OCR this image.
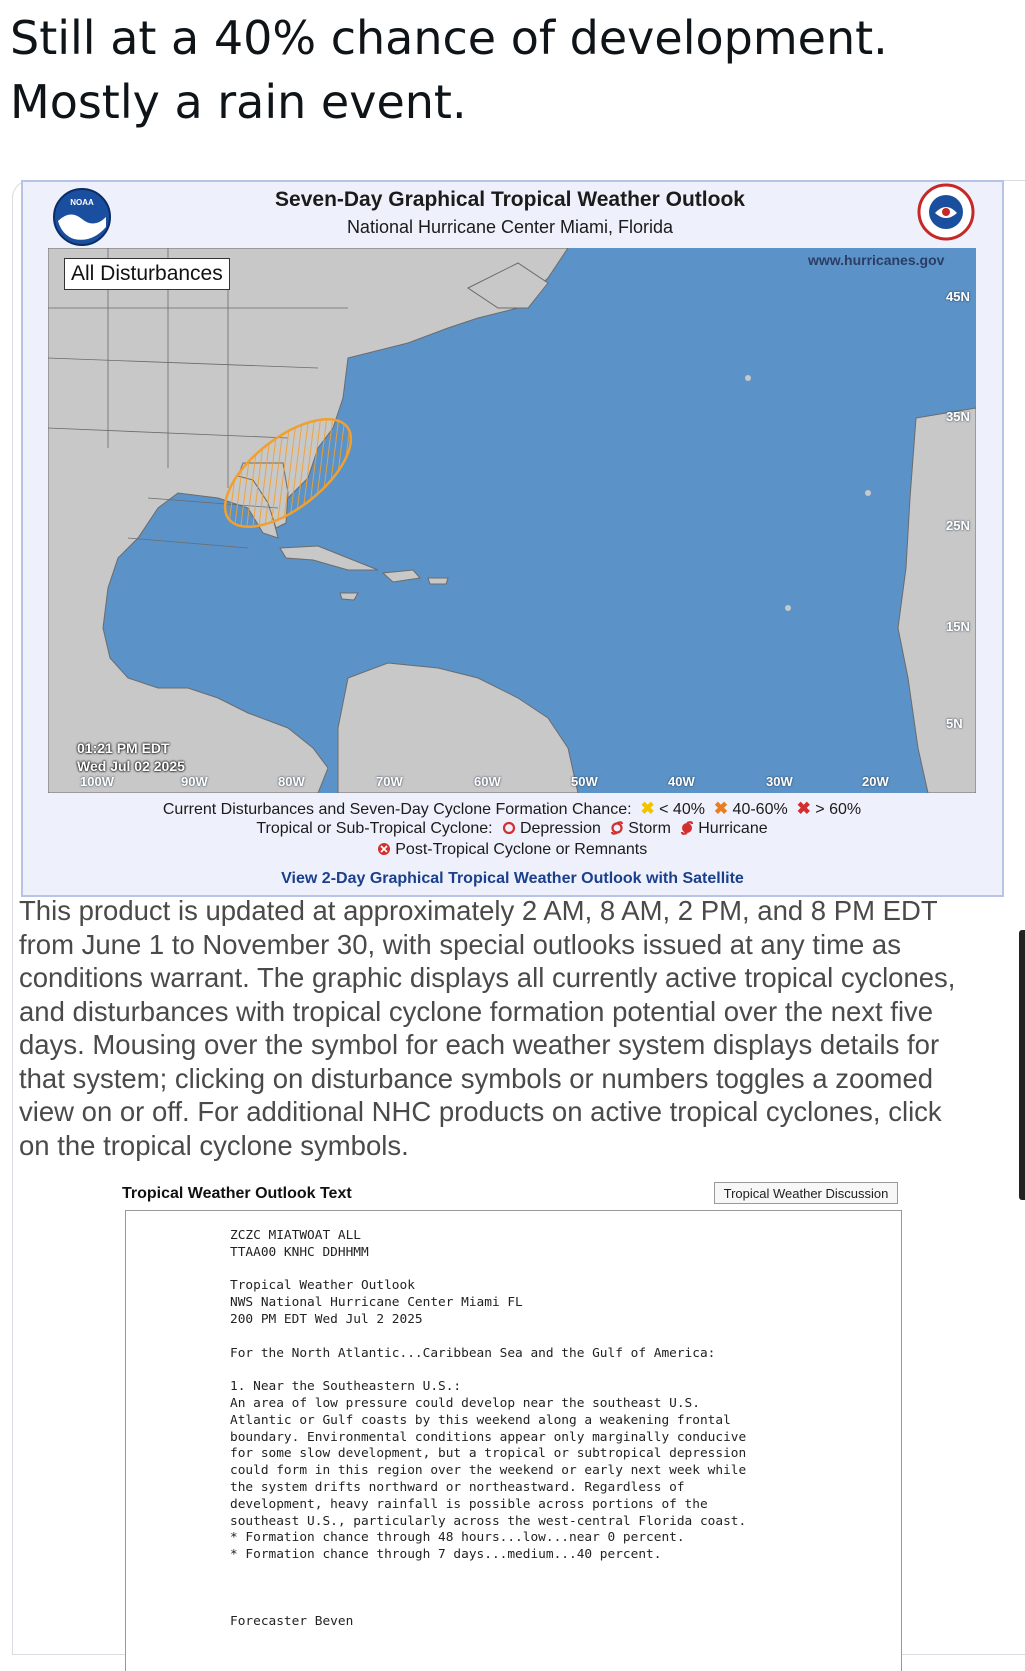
Still at a 40% chance of development.
Mostly a rain event.
NOAA	Seven-Day Graphical Tropical Weather Outlook
National Hurricane Center Miami, Florida
www.hurricanes.gov
All Disturbances
45N
35N
25N
15N
5N
01:21 PM EDT
Wed Jul 02 2025
100W	90W	80W	70W	60W	50W	40W	30W	20W
Current Disturbances and Seven-Day Cyclone Formation Chance: ✖ < 40% ✖ 40-60% ✖ > 60%
Tropical or Sub-Tropical Cyclone: Depression Storm Hurricane
Post-Tropical Cyclone or Remnants
View 2-Day Graphical Tropical Weather Outlook with Satellite
This product is updated at approximately 2 AM, 8 AM, 2 PM, and 8 PM EDT
from June 1 to November 30, with special outlooks issued at any time as
conditions warrant. The graphic displays all currently active tropical cyclones,
and disturbances with tropical cyclone formation potential over the next five
days. Mousing over the symbol for each weather system displays details for
that system; clicking on disturbance symbols or numbers toggles a zoomed
view on or off. For additional NHC products on active tropical cyclones, click
on the tropical cyclone symbols.
Tropical Weather Outlook Text	Tropical Weather Discussion
ZCZC MIATWOAT ALL
TTAA00 KNHC DDHHMM

Tropical Weather Outlook
NWS National Hurricane Center Miami FL
200 PM EDT Wed Jul 2 2025

For the North Atlantic...Caribbean Sea and the Gulf of America:

1. Near the Southeastern U.S.:
An area of low pressure could develop near the southeast U.S.
Atlantic or Gulf coasts by this weekend along a weakening frontal
boundary. Environmental conditions appear only marginally conducive
for some slow development, but a tropical or subtropical depression
could form in this region over the weekend or early next week while
the system drifts northward or northeastward. Regardless of
development, heavy rainfall is possible across portions of the
southeast U.S., particularly across the west-central Florida coast.
* Formation chance through 48 hours...low...near 0 percent.
* Formation chance through 7 days...medium...40 percent.

Forecaster Beven
